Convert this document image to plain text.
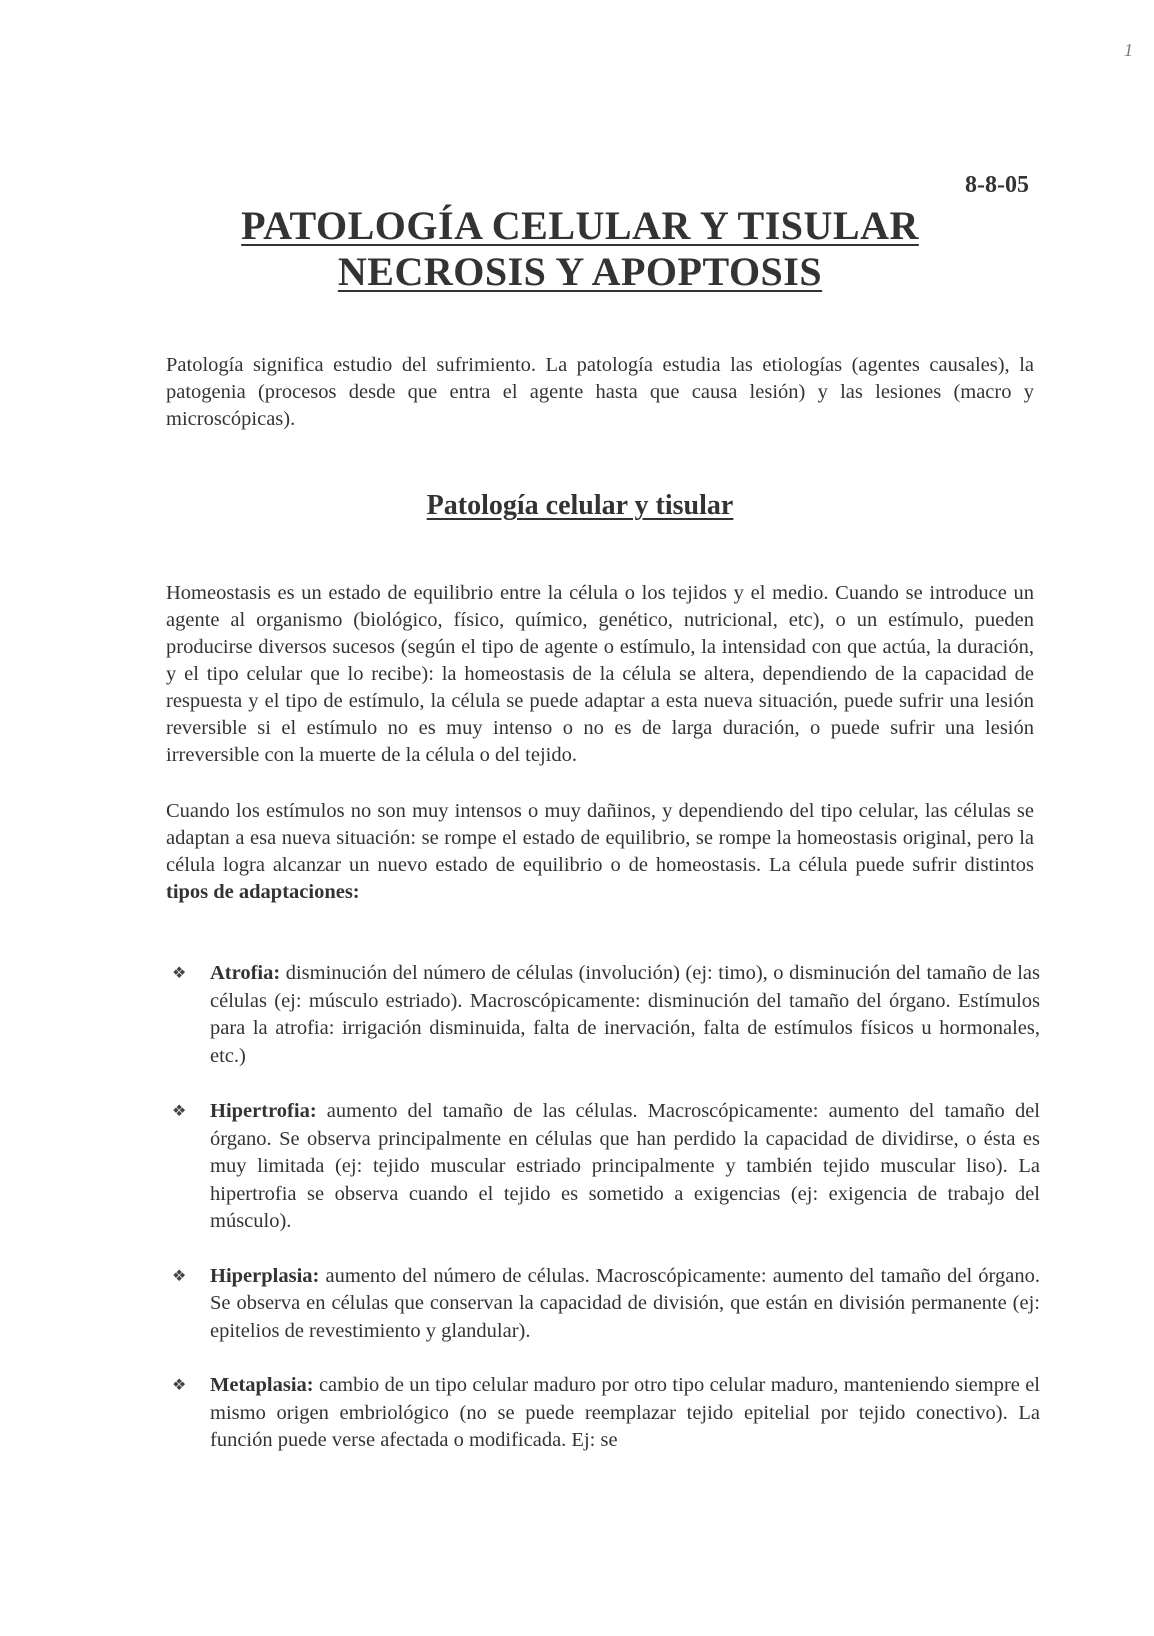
1
8-8-05
PATOLOGÍA CELULAR Y TISULAR
NECROSIS Y APOPTOSIS
Patología significa estudio del sufrimiento. La patología estudia las etiologías (agentes causales), la patogenia (procesos desde que entra el agente hasta que causa lesión) y las lesiones (macro y microscópicas).
Patología celular y tisular
Homeostasis es un estado de equilibrio entre la célula o los tejidos y el medio. Cuando se introduce un agente al organismo (biológico, físico, químico, genético, nutricional, etc), o un estímulo, pueden producirse diversos sucesos (según el tipo de agente o estímulo, la intensidad con que actúa, la duración, y el tipo celular que lo recibe): la homeostasis de la célula se altera, dependiendo de la capacidad de respuesta y el tipo de estímulo, la célula se puede adaptar a esta nueva situación, puede sufrir una lesión reversible si el estímulo no es muy intenso o no es de larga duración, o puede sufrir una lesión irreversible con la muerte de la célula o del tejido.
Cuando los estímulos no son muy intensos o muy dañinos, y dependiendo del tipo celular, las células se adaptan a esa nueva situación: se rompe el estado de equilibrio, se rompe la homeostasis original, pero la célula logra alcanzar un nuevo estado de equilibrio o de homeostasis. La célula puede sufrir distintos tipos de adaptaciones:
❖ Atrofia: disminución del número de células (involución) (ej: timo), o disminución del tamaño de las células (ej: músculo estriado). Macroscópicamente: disminución del tamaño del órgano. Estímulos para la atrofia: irrigación disminuida, falta de inervación, falta de estímulos físicos u hormonales, etc.)
❖ Hipertrofia: aumento del tamaño de las células. Macroscópicamente: aumento del tamaño del órgano. Se observa principalmente en células que han perdido la capacidad de dividirse, o ésta es muy limitada (ej: tejido muscular estriado principalmente y también tejido muscular liso). La hipertrofia se observa cuando el tejido es sometido a exigencias (ej: exigencia de trabajo del músculo).
❖ Hiperplasia: aumento del número de células. Macroscópicamente: aumento del tamaño del órgano. Se observa en células que conservan la capacidad de división, que están en división permanente (ej: epitelios de revestimiento y glandular).
❖ Metaplasia: cambio de un tipo celular maduro por otro tipo celular maduro, manteniendo siempre el mismo origen embriológico (no se puede reemplazar tejido epitelial por tejido conectivo). La función puede verse afectada o modificada. Ej: se
